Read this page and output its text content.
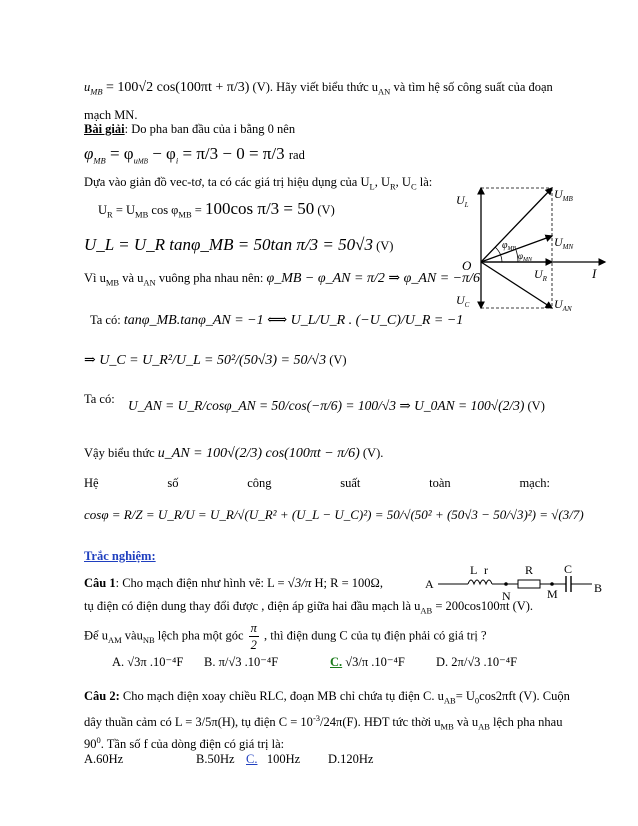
$u_{MB} = 100√2$ cos(100πt + π/3) (V). Hãy viết biểu thức $u_{AN}$ và tìm hệ số công suất của đoạn
mạch MN.
Bài giải: Do pha ban đầu của i bằng 0 nên
$\varphi_{MB} = \varphi_{uMB} - \varphi_i = \pi/3 - 0 = \pi/3$ rad
Dựa vào giản đồ vec-tơ, ta có các giá trị hiệu dụng của $U_L$, $U_R$, $U_C$ là:
$U_R = U_{MB}$ $\cos \varphi_{MB} = 100\cos$ π/3 = 50 (V)
U_L = U_R tanφ_MB = 50tan π/3 = 50√3 (V)
Vì $u_{MB}$ và $u_{AN}$ vuông pha nhau nên: φ_MB − φ_AN = π/2 ⇒ φ_AN = −π/6
Ta có: tanφ_MB.tanφ_AN = −1 ⟺ U_L/U_R . (−U_C)/U_R = −1
⇒ U_C = U_R²/U_L = 50²/(50√3) = 50/√3 (V)
Ta có: U_AN = U_R/cosφ_AN = 50/cos(−π/6) = 100/√3 ⇒ U_0AN = 100√(2/3) (V)
Vậy biểu thức u_AN = 100√(2/3) cos(100πt − π/6) (V).
Hệ	số	công	suất	toàn	mạch:
cosφ = R/Z = U_R/U = U_R/√(U_R² + (U_L − U_C)²) = 50/√(50² + (50√3 − 50/√3)²) = √(3/7)
Trắc nghiệm:
Câu 1: Cho mạch điện như hình vẽ: L = √3/π H; R = 100Ω,
tụ điện có điện dung thay đổi được , điện áp giữa hai đầu mạch là $u_{AB} = 200\cos 100\pi t$ (V).
Để $u_{AM}$ vàu$_{NB}$ lệch pha một góc $\frac{\pi}{2}$ , thì điện dung C của tụ điện phải có giá trị ?
A. √3π .10⁻⁴F B. π/√3 .10⁻⁴F	C. √3/π .10⁻⁴F D. 2π/√3 .10⁻⁴F
Câu 2: Cho mạch điện xoay chiều RLC, đoạn MB chỉ chứa tụ điện C. $u_{AB}= U_0\cos 2\pi ft$ (V). Cuộn
dây thuần cảm có L = 3/5π(H), tụ điện $C = 10^{-3}/24\pi(F)$. HĐT tức thời $u_{MB}$ và $u_{AB}$ lệch pha nhau
$90^0$. Tần số f của dòng điện có giá trị là:
A.60Hz	B.50Hz C. 100Hz D.120Hz
$U_L$
$U_{MB}$
$U_{MN}$
$U_R$
$U_C$	$U_{AN}$
O
I
$\varphi_{MB}$
$\varphi_{MN}$
A	B
L r	R	C
N	M
